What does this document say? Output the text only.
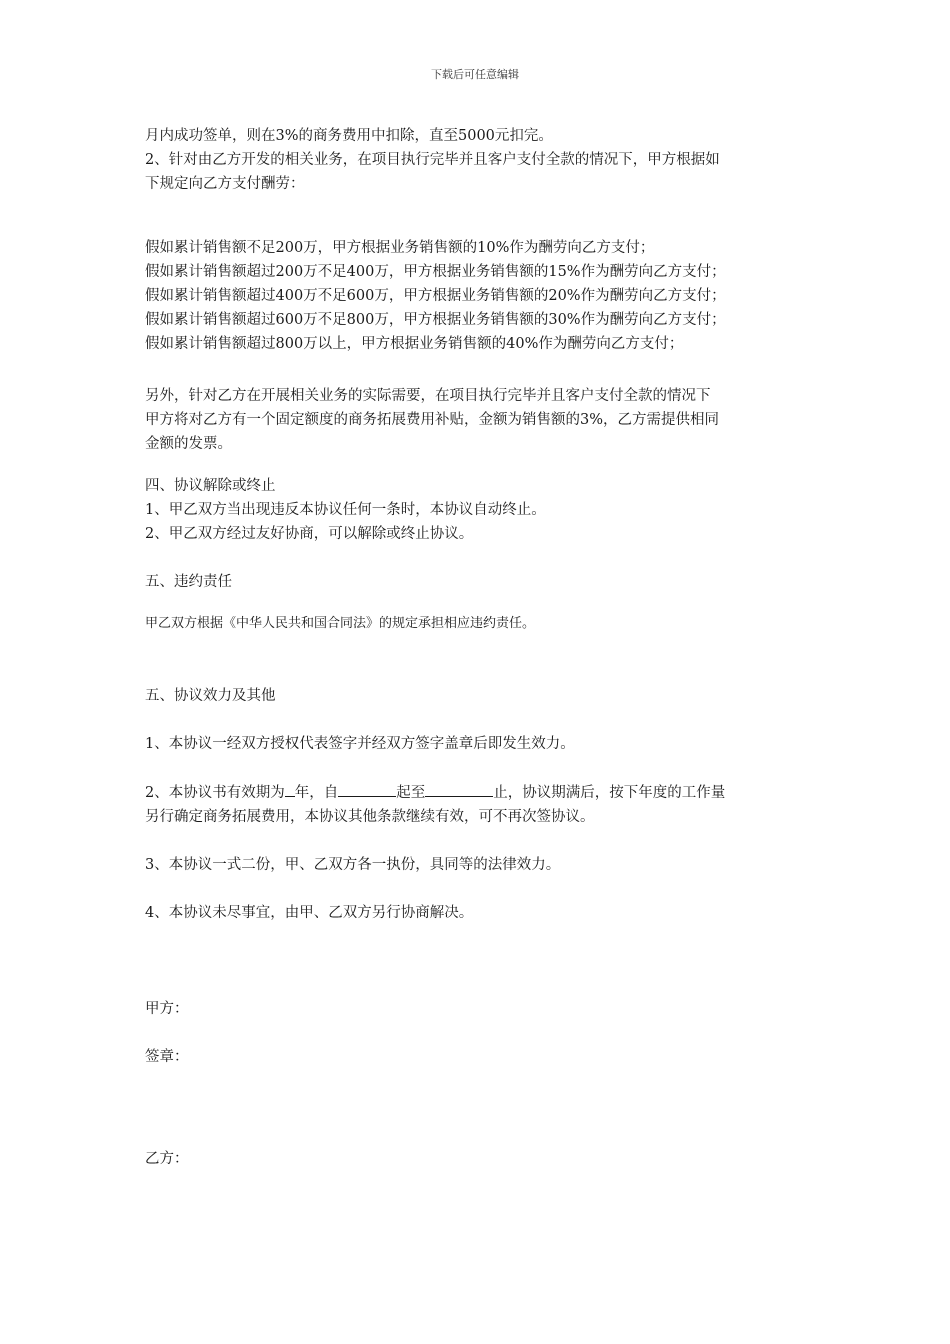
下载后可任意编辑
月内成功签单，则在3%的商务费用中扣除，直至5000元扣完。
2、针对由乙方开发的相关业务，在项目执行完毕并且客户支付全款的情况下，甲方根据如
下规定向乙方支付酬劳：
假如累计销售额不足200万，甲方根据业务销售额的10%作为酬劳向乙方支付；
假如累计销售额超过200万不足400万，甲方根据业务销售额的15%作为酬劳向乙方支付；
假如累计销售额超过400万不足600万，甲方根据业务销售额的20%作为酬劳向乙方支付；
假如累计销售额超过600万不足800万，甲方根据业务销售额的30%作为酬劳向乙方支付；
假如累计销售额超过800万以上，甲方根据业务销售额的40%作为酬劳向乙方支付；
另外，针对乙方在开展相关业务的实际需要，在项目执行完毕并且客户支付全款的情况下
甲方将对乙方有一个固定额度的商务拓展费用补贴，金额为销售额的3%，乙方需提供相同
金额的发票。
四、协议解除或终止
1、甲乙双方当出现违反本协议任何一条时，本协议自动终止。
2、甲乙双方经过友好协商，可以解除或终止协议。
五、违约责任
甲乙双方根据《中华人民共和国合同法》的规定承担相应违约责任。
五、协议效力及其他
1、本协议一经双方授权代表签字并经双方签字盖章后即发生效力。
2、本协议书有效期为 年，自	起至	止，协议期满后，按下年度的工作量
另行确定商务拓展费用，本协议其他条款继续有效，可不再次签协议。
3、本协议一式二份，甲、乙双方各一执份，具同等的法律效力。
4、本协议未尽事宜，由甲、乙双方另行协商解决。
甲方：
签章：
乙方：
